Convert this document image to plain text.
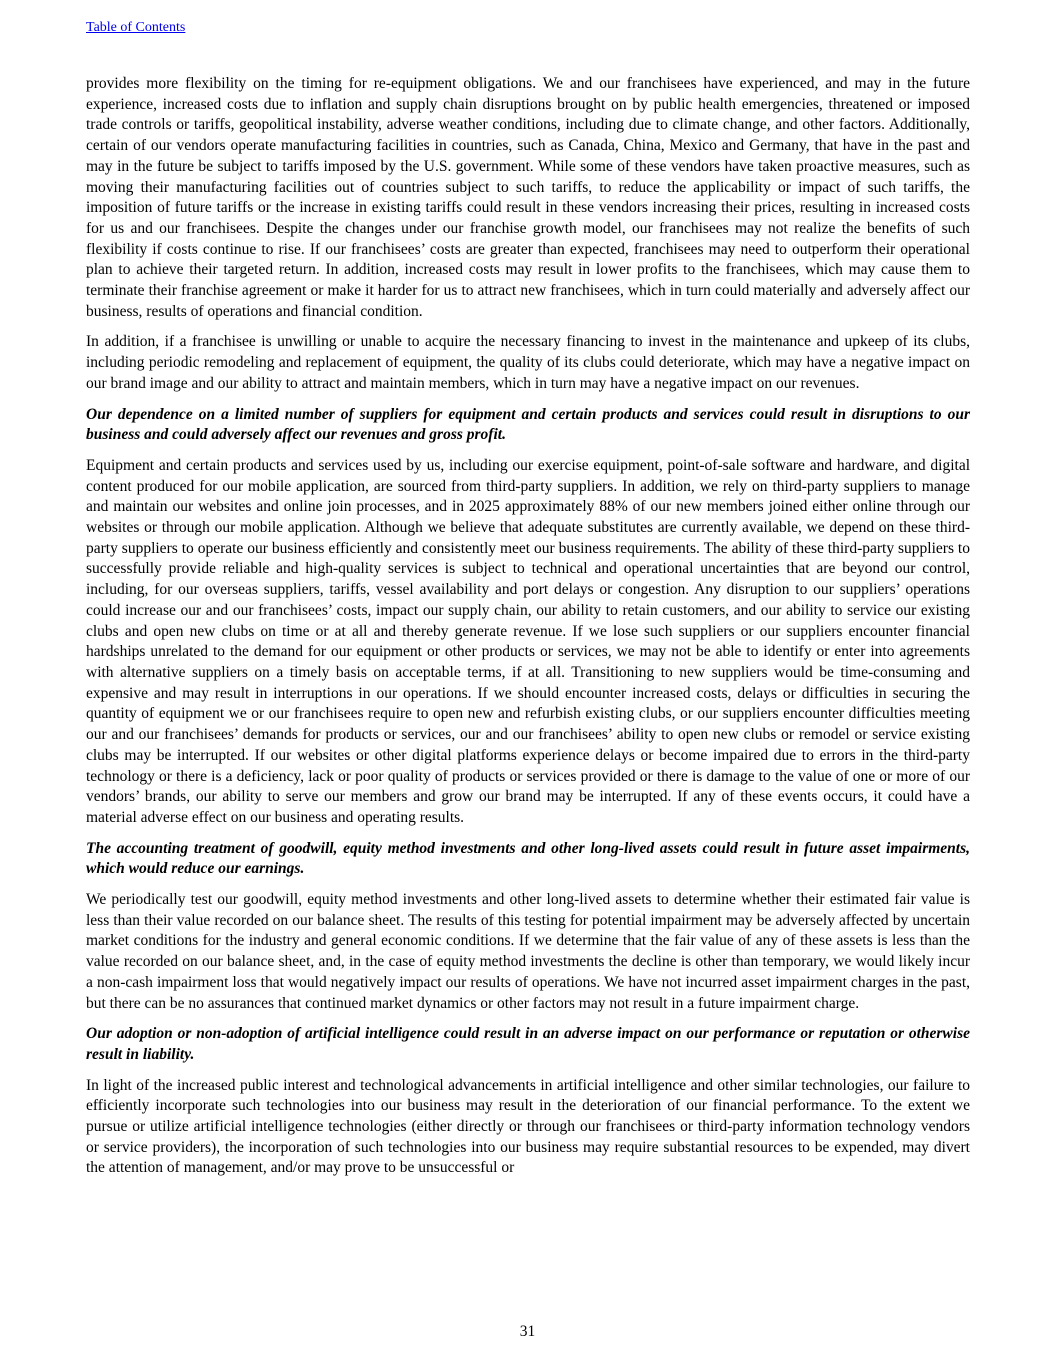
Table of Contents

provides more flexibility on the timing for re-equipment obligations. We and our franchisees have experienced, and may in the future experience, increased costs due to inflation and supply chain disruptions brought on by public health emergencies, threatened or imposed trade controls or tariffs, geopolitical instability, adverse weather conditions, including due to climate change, and other factors. Additionally, certain of our vendors operate manufacturing facilities in countries, such as Canada, China, Mexico and Germany, that have in the past and may in the future be subject to tariffs imposed by the U.S. government. While some of these vendors have taken proactive measures, such as moving their manufacturing facilities out of countries subject to such tariffs, to reduce the applicability or impact of such tariffs, the imposition of future tariffs or the increase in existing tariffs could result in these vendors increasing their prices, resulting in increased costs for us and our franchisees. Despite the changes under our franchise growth model, our franchisees may not realize the benefits of such flexibility if costs continue to rise. If our franchisees’ costs are greater than expected, franchisees may need to outperform their operational plan to achieve their targeted return. In addition, increased costs may result in lower profits to the franchisees, which may cause them to terminate their franchise agreement or make it harder for us to attract new franchisees, which in turn could materially and adversely affect our business, results of operations and financial condition.

In addition, if a franchisee is unwilling or unable to acquire the necessary financing to invest in the maintenance and upkeep of its clubs, including periodic remodeling and replacement of equipment, the quality of its clubs could deteriorate, which may have a negative impact on our brand image and our ability to attract and maintain members, which in turn may have a negative impact on our revenues.

Our dependence on a limited number of suppliers for equipment and certain products and services could result in disruptions to our business and could adversely affect our revenues and gross profit.

Equipment and certain products and services used by us, including our exercise equipment, point-of-sale software and hardware, and digital content produced for our mobile application, are sourced from third-party suppliers. In addition, we rely on third-party suppliers to manage and maintain our websites and online join processes, and in 2025 approximately 88% of our new members joined either online through our websites or through our mobile application. Although we believe that adequate substitutes are currently available, we depend on these third-party suppliers to operate our business efficiently and consistently meet our business requirements. The ability of these third-party suppliers to successfully provide reliable and high-quality services is subject to technical and operational uncertainties that are beyond our control, including, for our overseas suppliers, tariffs, vessel availability and port delays or congestion. Any disruption to our suppliers’ operations could increase our and our franchisees’ costs, impact our supply chain, our ability to retain customers, and our ability to service our existing clubs and open new clubs on time or at all and thereby generate revenue. If we lose such suppliers or our suppliers encounter financial hardships unrelated to the demand for our equipment or other products or services, we may not be able to identify or enter into agreements with alternative suppliers on a timely basis on acceptable terms, if at all. Transitioning to new suppliers would be time-consuming and expensive and may result in interruptions in our operations. If we should encounter increased costs, delays or difficulties in securing the quantity of equipment we or our franchisees require to open new and refurbish existing clubs, or our suppliers encounter difficulties meeting our and our franchisees’ demands for products or services, our and our franchisees’ ability to open new clubs or remodel or service existing clubs may be interrupted. If our websites or other digital platforms experience delays or become impaired due to errors in the third-party technology or there is a deficiency, lack or poor quality of products or services provided or there is damage to the value of one or more of our vendors’ brands, our ability to serve our members and grow our brand may be interrupted. If any of these events occurs, it could have a material adverse effect on our business and operating results.

The accounting treatment of goodwill, equity method investments and other long-lived assets could result in future asset impairments, which would reduce our earnings.

We periodically test our goodwill, equity method investments and other long-lived assets to determine whether their estimated fair value is less than their value recorded on our balance sheet. The results of this testing for potential impairment may be adversely affected by uncertain market conditions for the industry and general economic conditions. If we determine that the fair value of any of these assets is less than the value recorded on our balance sheet, and, in the case of equity method investments the decline is other than temporary, we would likely incur a non-cash impairment loss that would negatively impact our results of operations. We have not incurred asset impairment charges in the past, but there can be no assurances that continued market dynamics or other factors may not result in a future impairment charge.

Our adoption or non-adoption of artificial intelligence could result in an adverse impact on our performance or reputation or otherwise result in liability.

In light of the increased public interest and technological advancements in artificial intelligence and other similar technologies, our failure to efficiently incorporate such technologies into our business may result in the deterioration of our financial performance. To the extent we pursue or utilize artificial intelligence technologies (either directly or through our franchisees or third-party information technology vendors or service providers), the incorporation of such technologies into our business may require substantial resources to be expended, may divert the attention of management, and/or may prove to be unsuccessful or

31
